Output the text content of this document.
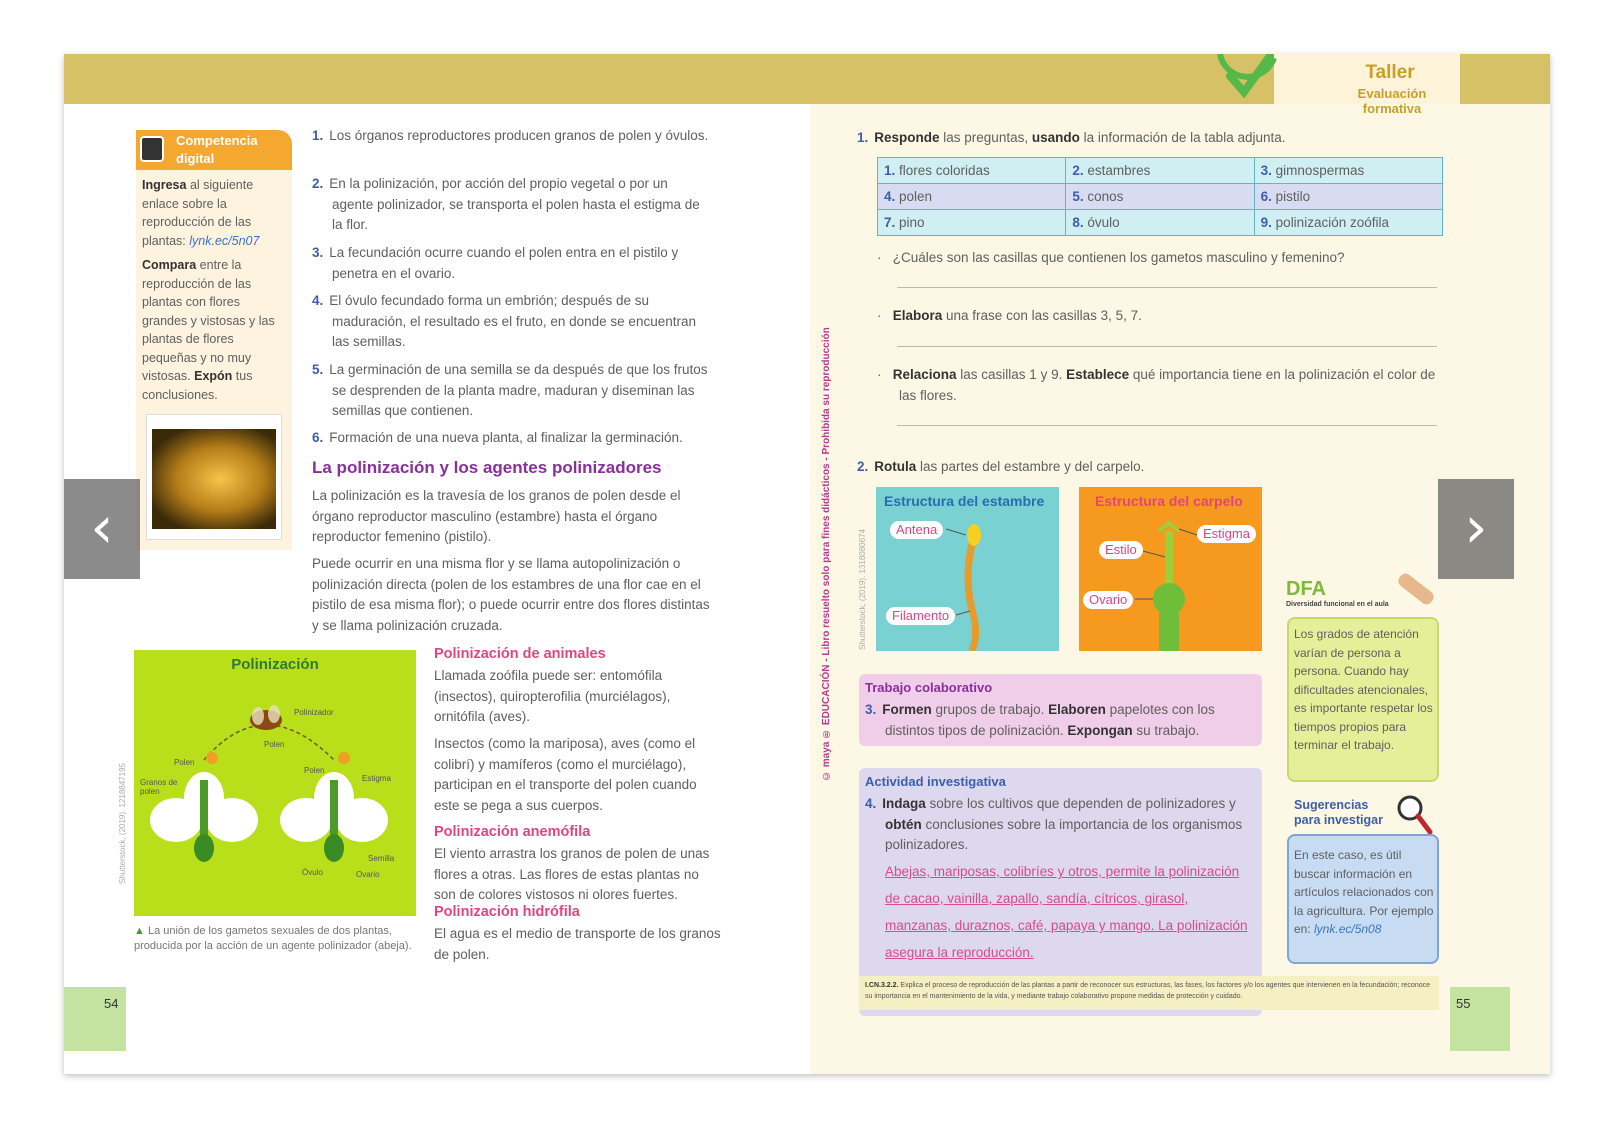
Competencia digital
Ingresa al siguiente enlace sobre la reproducción de las plantas: lynk.ec/5n07
Compara entre la reproducción de las plantas con flores grandes y vistosas y las plantas de flores pequeñas y no muy vistosas. Expón tus conclusiones.
1. Los órganos reproductores producen granos de polen y óvulos.
2. En la polinización, por acción del propio vegetal o por un agente polinizador, se transporta el polen hasta el estigma de la flor.
3. La fecundación ocurre cuando el polen entra en el pistilo y penetra en el ovario.
4. El óvulo fecundado forma un embrión; después de su maduración, el resultado es el fruto, en donde se encuentran las semillas.
5. La germinación de una semilla se da después de que los frutos se desprenden de la planta madre, maduran y diseminan las semillas que contienen.
6. Formación de una nueva planta, al finalizar la germinación.
La polinización y los agentes polinizadores
La polinización es la travesía de los granos de polen desde el órgano reproductor masculino (estambre) hasta el órgano reproductor femenino (pistilo).
Puede ocurrir en una misma flor y se llama autopolinización o polinización directa (polen de los estambres de una flor cae en el pistilo de esa misma flor); o puede ocurrir entre dos flores distintas y se llama polinización cruzada.
Polinización
Polinizador
Polen
Polen
Polen
Granos de polen
Estigma
Semilla
Óvulo	Ovario
Shutterstock, (2019). 1218847195
▲ La unión de los gametos sexuales de dos plantas, producida por la acción de un agente polinizador (abeja).
Polinización de animales
Llamada zoófila puede ser: entomófila (insectos), quiropterofilia (murciélagos), ornitófila (aves).
Insectos (como la mariposa), aves (como el colibrí) y mamíferos (como el murciélago), participan en el transporte del polen cuando este se pega a sus cuerpos.
Polinización anemófila
El viento arrastra los granos de polen de unas flores a otras. Las flores de estas plantas no son de colores vistosos ni olores fuertes.
Polinización hidrófila
El agua es el medio de transporte de los granos de polen.
54
Taller
Evaluación formativa
© maya ® EDUCACIÓN - Libro resuelto solo para fines didácticos - Prohibida su reproducción	Shutterstock, (2019). 1318080674
1. Responde las preguntas, usando la información de la tabla adjunta.
1. flores coloridas	2. estambres	3. gimnospermas
4. polen	5. conos	6. pistilo
7. pino	8. óvulo	9. polinización zoófila
·   ¿Cuáles son las casillas que contienen los gametos masculino y femenino?
·   Elabora una frase con las casillas 3, 5, 7.
·   Relaciona las casillas 1 y 9. Establece qué importancia tiene en la polinización el color de las flores.
2. Rotula las partes del estambre y del carpelo.
Estructura del estambre
Antena
Filamento
Estructura del carpelo
Estigma
Estilo
Ovario
Trabajo colaborativo
3. Formen grupos de trabajo. Elaboren papelotes con los distintos tipos de polinización. Expongan su trabajo.
Actividad investigativa
4. Indaga sobre los cultivos que dependen de polinizadores y obtén conclusiones sobre la importancia de los organismos polinizadores.
Abejas, mariposas, colibríes y otros, permite la polinización de cacao, vainilla, zapallo, sandía, cítricos, girasol, manzanas, duraznos, café, papaya y mango. La polinización asegura la reproducción.
DFA
Diversidad funcional en el aula
Los grados de atención varían de persona a persona. Cuando hay dificultades atencionales, es importante respetar los tiempos propios para terminar el trabajo.
Sugerencias para investigar
En este caso, es útil buscar información en artículos relacionados con la agricultura. Por ejemplo en: lynk.ec/5n08
I.CN.3.2.2. Explica el proceso de reproducción de las plantas a partir de reconocer sus estructuras, las fases, los factores y/o los agentes que intervienen en la fecundación; reconoce su importancia en el mantenimiento de la vida, y mediante trabajo colaborativo propone medidas de protección y cuidado.	55
‹	›
